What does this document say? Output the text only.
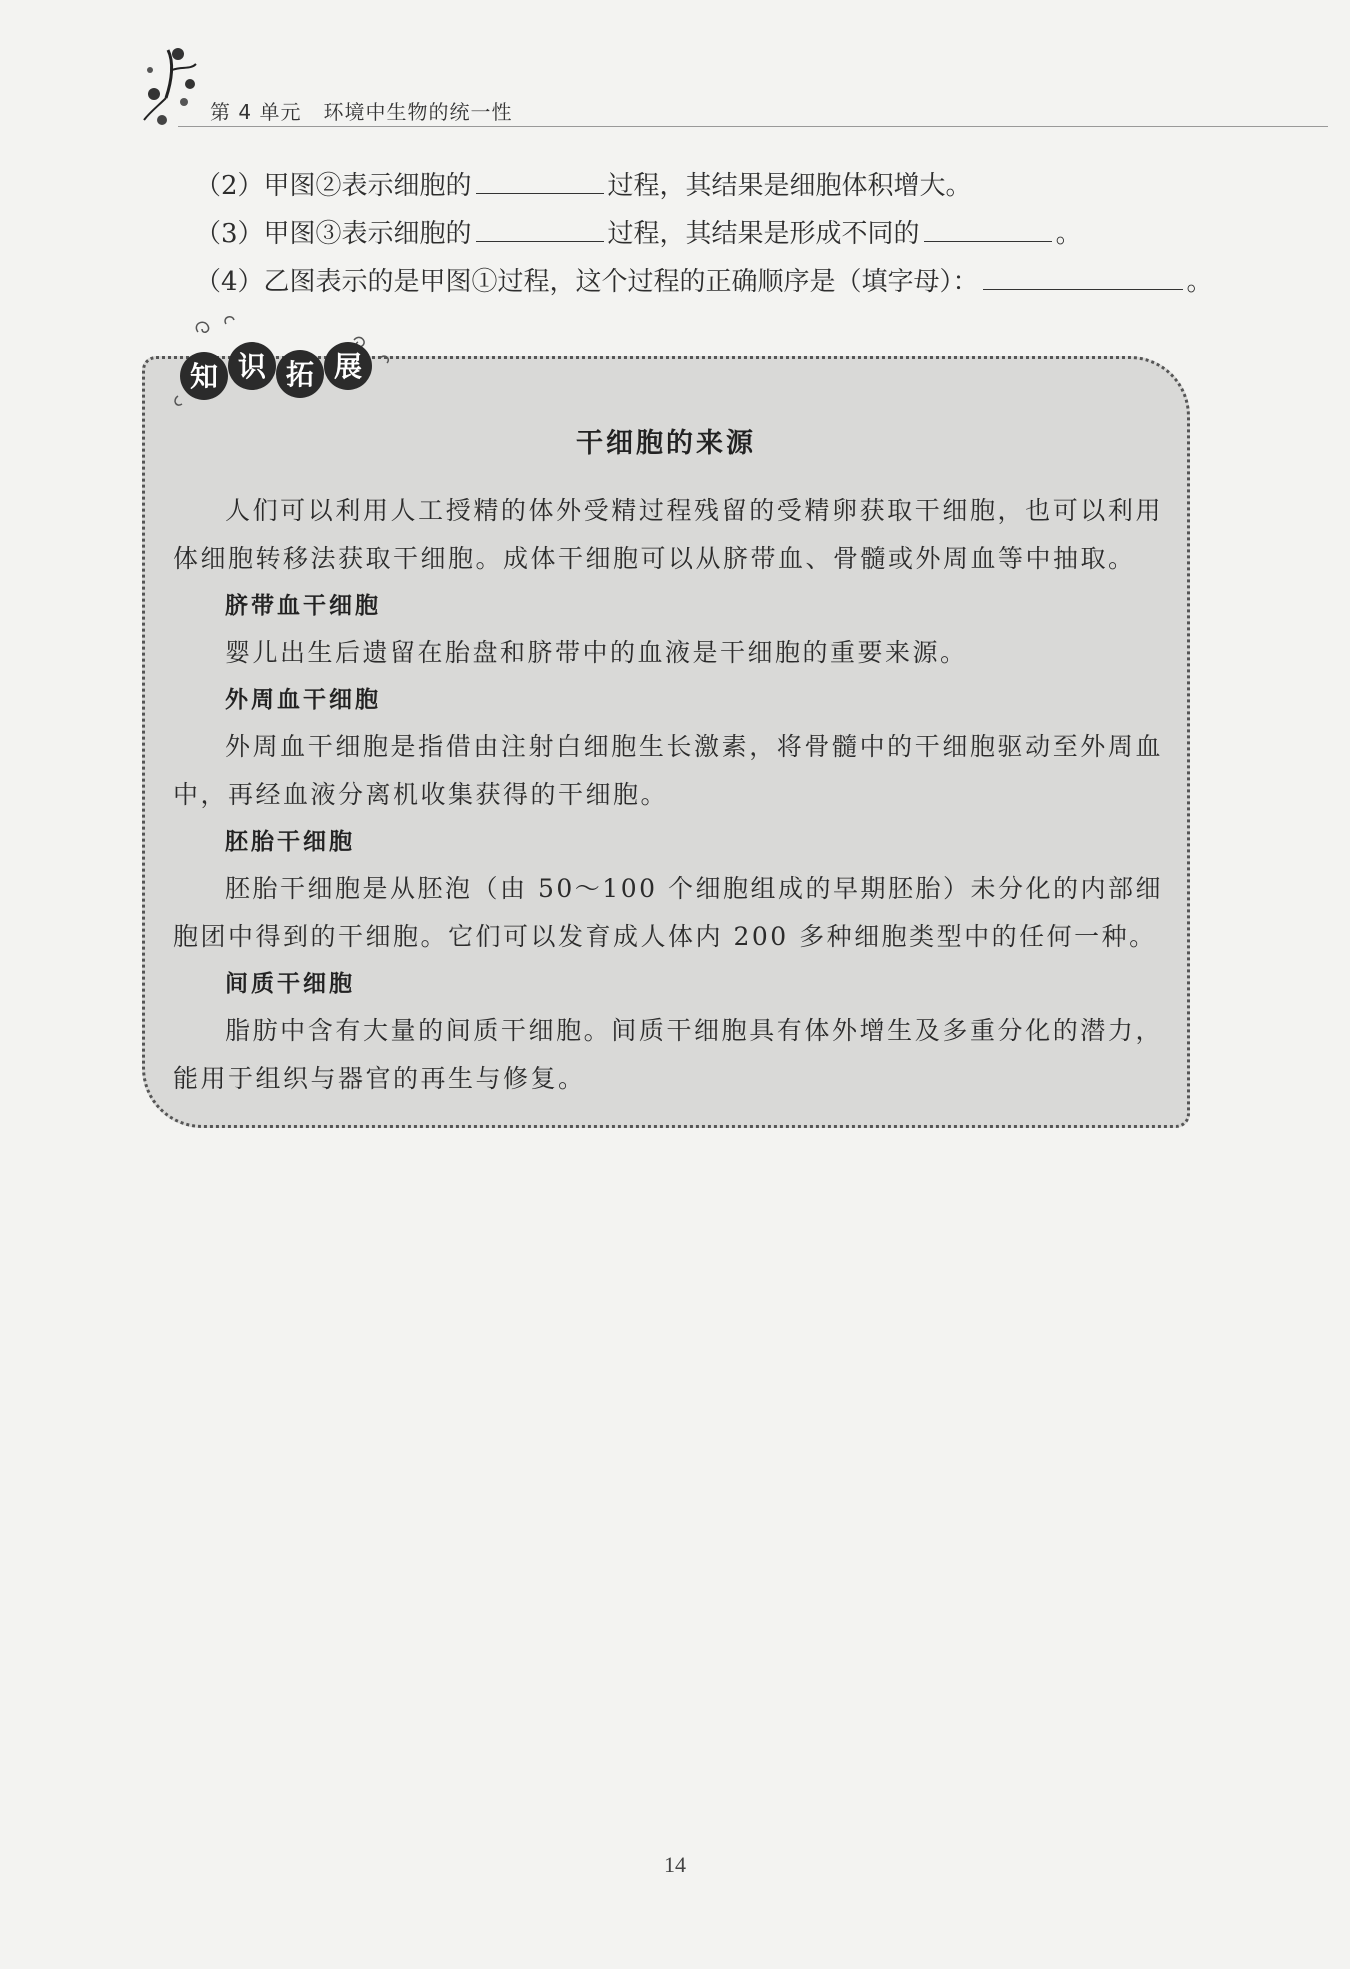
第 4 单元   环境中生物的统一性
（2）甲图②表示细胞的	过程，其结果是细胞体积增大。
（3）甲图③表示细胞的	过程，其结果是形成不同的	。
（4）乙图表示的是甲图①过程，这个过程的正确顺序是（填字母）：	。
干细胞的来源

人们可以利用人工授精的体外受精过程残留的受精卵获取干细胞，也可以利用体细胞转移法获取干细胞。成体干细胞可以从脐带血、骨髓或外周血等中抽取。

脐带血干细胞

婴儿出生后遗留在胎盘和脐带中的血液是干细胞的重要来源。

外周血干细胞

外周血干细胞是指借由注射白细胞生长激素，将骨髓中的干细胞驱动至外周血中，再经血液分离机收集获得的干细胞。

胚胎干细胞

胚胎干细胞是从胚泡（由 50～100 个细胞组成的早期胚胎）未分化的内部细胞团中得到的干细胞。它们可以发育成人体内 200 多种细胞类型中的任何一种。

间质干细胞

脂肪中含有大量的间质干细胞。间质干细胞具有体外增生及多重分化的潜力，能用于组织与器官的再生与修复。

知 识 拓 展
14
